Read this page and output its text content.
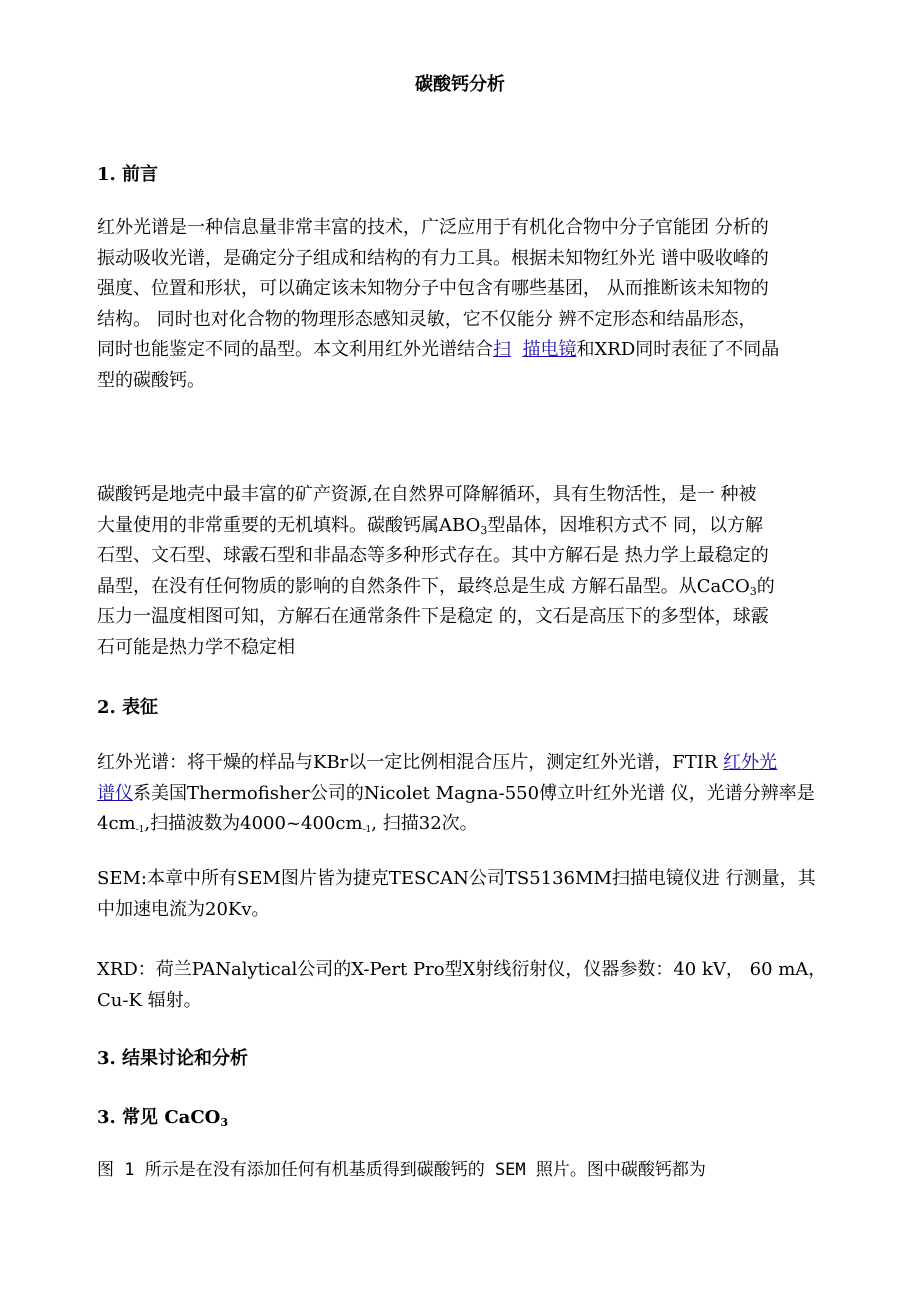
碳酸钙分析
1. 前言
红外光谱是一种信息量非常丰富的技术，广泛应用于有机化合物中分子官能团 分析的
振动吸收光谱，是确定分子组成和结构的有力工具。根据未知物红外光 谱中吸收峰的
强度、位置和形状，可以确定该未知物分子中包含有哪些基团， 从而推断该未知物的
结构。 同时也对化合物的物理形态感知灵敏，它不仅能分 辨不定形态和结晶形态，
同时也能鉴定不同的晶型。本文利用红外光谱结合扫 描电镜和XRD同时表征了不同晶
型的碳酸钙。
碳酸钙是地壳中最丰富的矿产资源,在自然界可降解循环，具有生物活性，是一 种被
大量使用的非常重要的无机填料。碳酸钙属$ABO_3$型晶体，因堆积方式不 同，以方解
石型、文石型、球霰石型和非晶态等多种形式存在。其中方解石是 热力学上最稳定的
晶型，在没有任何物质的影响的自然条件下，最终总是生成 方解石晶型。从CaCO$_3$的
压力一温度相图可知，方解石在通常条件下是稳定 的，文石是高压下的多型体，球霰
石可能是热力学不稳定相
2. 表征
红外光谱：将干燥的样品与KBr以一定比例相混合压片，测定红外光谱，FTIR 红外光
谱仪系美国Thermofisher公司的Nicolet Magna-550傅立叶红外光谱 仪，光谱分辨率是
$4cm_{-1}$,扫描波数为$4000\sim 400cm_{-1}$, 扫描32次。
SEM:本章中所有SEM图片皆为捷克TESCAN公司TS5136MM扫描电镜仪进 行测量，其
中加速电流为20Kv。
XRD：荷兰PANalytical公司的X-Pert Pro型X射线衍射仪，仪器参数：40 kV， 60 mA，
Cu-K 辐射。
3. 结果讨论和分析
3. 常见 CaCO$_3$
图 1 所示是在没有添加任何有机基质得到碳酸钙的 SEM 照片。图中碳酸钙都为
